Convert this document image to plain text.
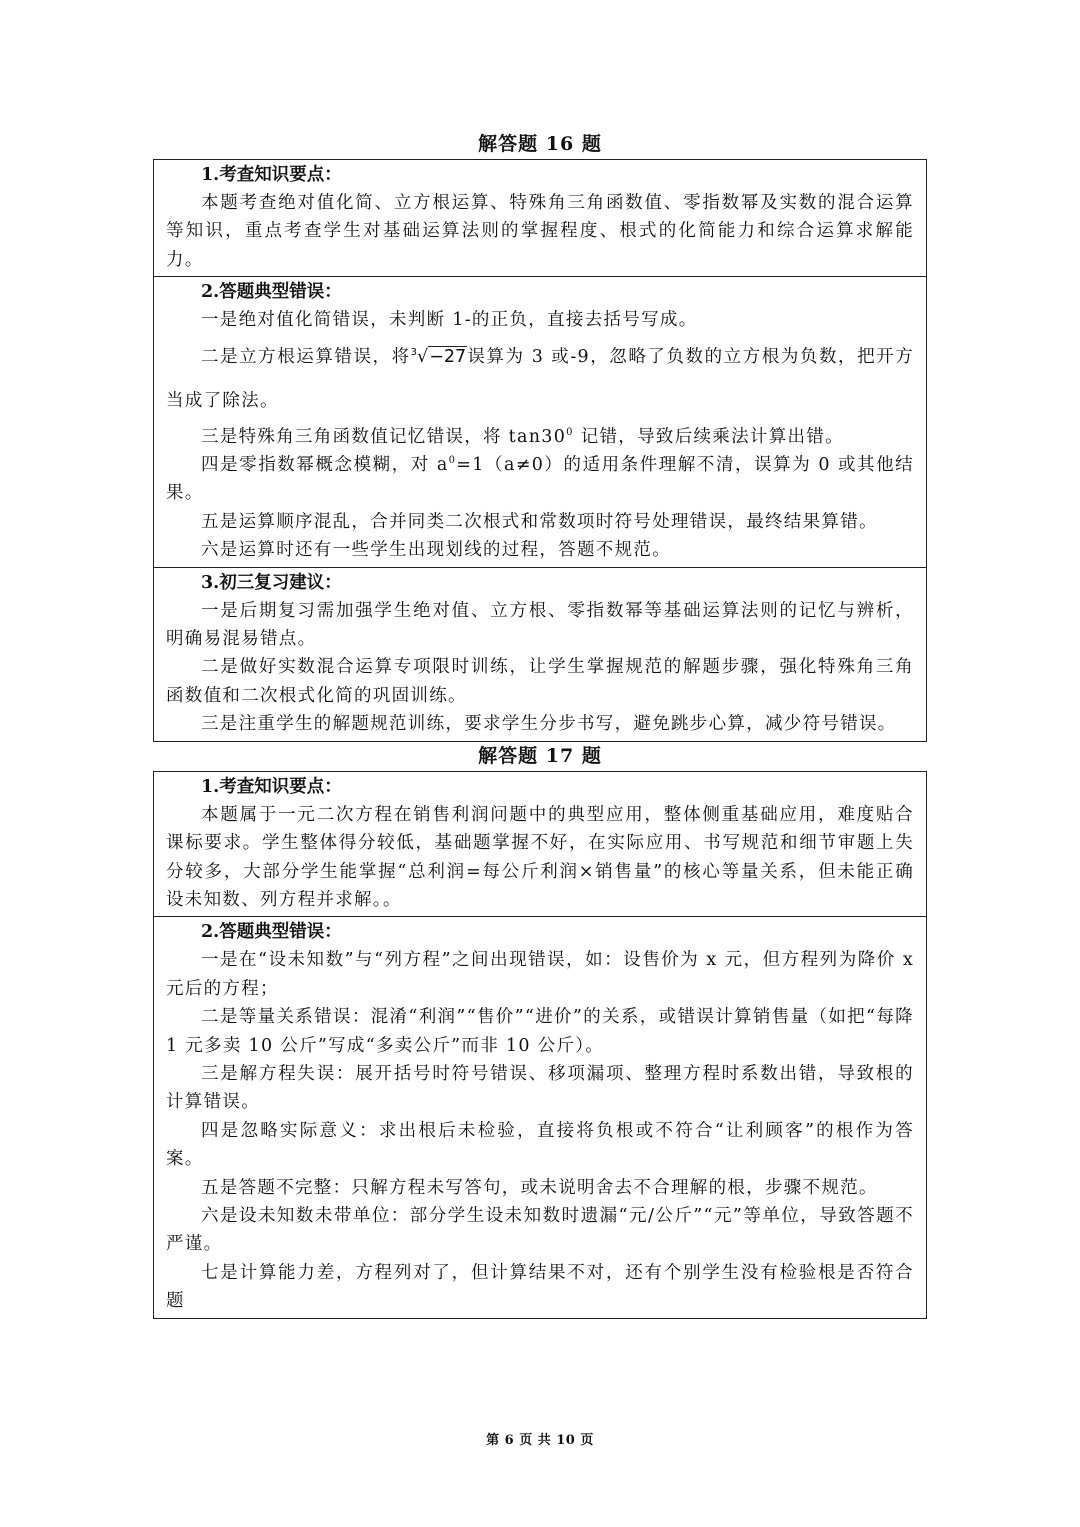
解答题 16 题
1.考查知识要点：

本题考查绝对值化简、立方根运算、特殊角三角函数值、零指数幂及实数的混合运算等知识，重点考查学生对基础运算法则的掌握程度、根式的化简能力和综合运算求解能力。

2.答题典型错误：

一是绝对值化简错误，未判断 1-的正负，直接去括号写成。

二是立方根运算错误，将$^3$√−27误算为 3 或-9，忽略了负数的立方根为负数，把开方当成了除法。

三是特殊角三角函数值记忆错误，将 $\tan 30^0$ 记错，导致后续乘法计算出错。

四是零指数幂概念模糊，对 $a^0=1(a\ne 0)$的适用条件理解不清，误算为 0 或其他结果。

五是运算顺序混乱，合并同类二次根式和常数项时符号处理错误，最终结果算错。

六是运算时还有一些学生出现划线的过程，答题不规范。

3.初三复习建议：

一是后期复习需加强学生绝对值、立方根、零指数幂等基础运算法则的记忆与辨析，明确易混易错点。

二是做好实数混合运算专项限时训练，让学生掌握规范的解题步骤，强化特殊角三角函数值和二次根式化简的巩固训练。

三是注重学生的解题规范训练，要求学生分步书写，避免跳步心算，减少符号错误。

解答题 17 题
1.考查知识要点：

本题属于一元二次方程在销售利润问题中的典型应用，整体侧重基础应用，难度贴合课标要求。学生整体得分较低，基础题掌握不好，在实际应用、书写规范和细节审题上失分较多，大部分学生能掌握“总利润=每公斤利润×销售量”的核心等量关系，但未能正确设未知数、列方程并求解。。

2.答题典型错误：

一是在“设未知数”与“列方程”之间出现错误，如：设售价为 x 元，但方程列为降价 x 元后的方程；

二是等量关系错误：混淆“利润”“售价”“进价”的关系，或错误计算销售量（如把“每降 1 元多卖 10 公斤”写成“多卖公斤”而非 10 公斤）。

三是解方程失误：展开括号时符号错误、移项漏项、整理方程时系数出错，导致根的计算错误。

四是忽略实际意义：求出根后未检验，直接将负根或不符合“让利顾客”的根作为答案。

五是答题不完整：只解方程未写答句，或未说明舍去不合理解的根，步骤不规范。

六是设未知数未带单位：部分学生设未知数时遗漏“元/公斤”“元”等单位，导致答题不严谨。

七是计算能力差，方程列对了，但计算结果不对，还有个别学生没有检验根是否符合题

第 6 页 共 10 页
